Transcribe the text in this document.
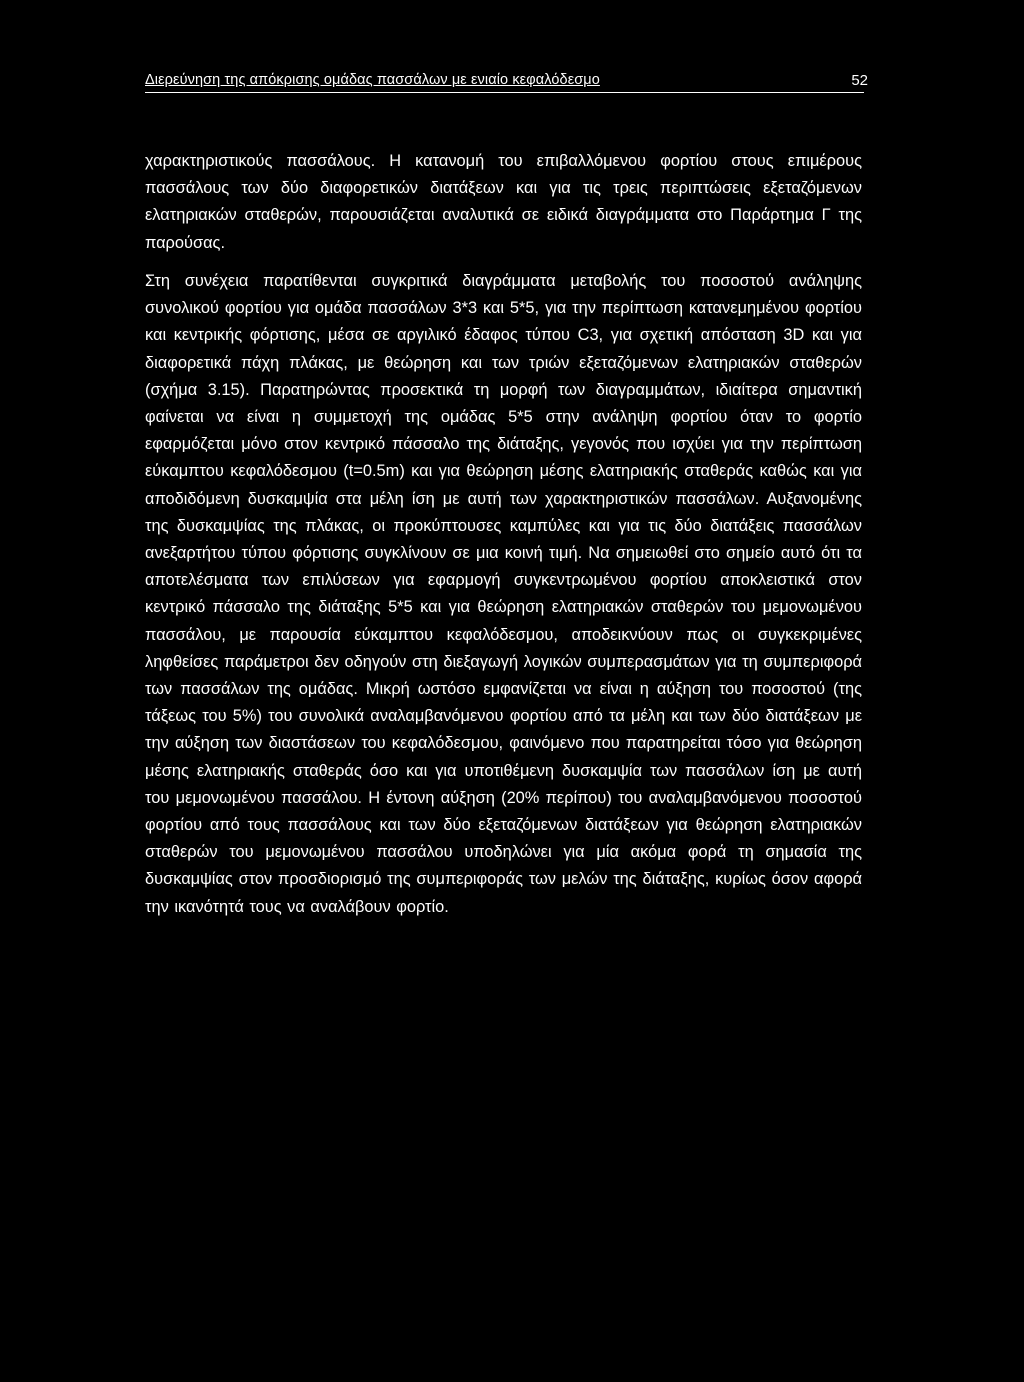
Διερεύνηση της απόκρισης ομάδας πασσάλων με ενιαίο κεφαλόδεσμο	52

χαρακτηριστικούς πασσάλους. Η κατανομή του επιβαλλόμενου φορτίου στους επιμέρους πασσάλους των δύο διαφορετικών διατάξεων και για τις τρεις περιπτώσεις εξεταζόμενων ελατηριακών σταθερών, παρουσιάζεται αναλυτικά σε ειδικά διαγράμματα στο Παράρτημα Γ της παρούσας.

Στη συνέχεια παρατίθενται συγκριτικά διαγράμματα μεταβολής του ποσοστού ανάληψης συνολικού φορτίου για ομάδα πασσάλων 3*3 και 5*5, για την περίπτωση κατανεμημένου φορτίου και κεντρικής φόρτισης, μέσα σε αργιλικό έδαφος τύπου C3, για σχετική απόσταση 3D και για διαφορετικά πάχη πλάκας, με θεώρηση και των τριών εξεταζόμενων ελατηριακών σταθερών (σχήμα 3.15). Παρατηρώντας προσεκτικά τη μορφή των διαγραμμάτων, ιδιαίτερα σημαντική φαίνεται να είναι η συμμετοχή της ομάδας 5*5 στην ανάληψη φορτίου όταν το φορτίο εφαρμόζεται μόνο στον κεντρικό πάσσαλο της διάταξης, γεγονός που ισχύει για την περίπτωση εύκαμπτου κεφαλόδεσμου (t=0.5m) και για θεώρηση μέσης ελατηριακής σταθεράς καθώς και για αποδιδόμενη δυσκαμψία στα μέλη ίση με αυτή των χαρακτηριστικών πασσάλων. Αυξανομένης της δυσκαμψίας της πλάκας, οι προκύπτουσες καμπύλες και για τις δύο διατάξεις πασσάλων ανεξαρτήτου τύπου φόρτισης συγκλίνουν σε μια κοινή τιμή. Να σημειωθεί στο σημείο αυτό ότι τα αποτελέσματα των επιλύσεων για εφαρμογή συγκεντρωμένου φορτίου αποκλειστικά στον κεντρικό πάσσαλο της διάταξης 5*5 και για θεώρηση ελατηριακών σταθερών του μεμονωμένου πασσάλου, με παρουσία εύκαμπτου κεφαλόδεσμου, αποδεικνύουν πως οι συγκεκριμένες ληφθείσες παράμετροι δεν οδηγούν στη διεξαγωγή λογικών συμπερασμάτων για τη συμπεριφορά των πασσάλων της ομάδας. Μικρή ωστόσο εμφανίζεται να είναι η αύξηση του ποσοστού (της τάξεως του 5%) του συνολικά αναλαμβανόμενου φορτίου από τα μέλη και των δύο διατάξεων με την αύξηση των διαστάσεων του κεφαλόδεσμου, φαινόμενο που παρατηρείται τόσο για θεώρηση μέσης ελατηριακής σταθεράς όσο και για υποτιθέμενη δυσκαμψία των πασσάλων ίση με αυτή του μεμονωμένου πασσάλου. Η έντονη αύξηση (20% περίπου) του αναλαμβανόμενου ποσοστού φορτίου από τους πασσάλους και των δύο εξεταζόμενων διατάξεων για θεώρηση ελατηριακών σταθερών του μεμονωμένου πασσάλου υποδηλώνει για μία ακόμα φορά τη σημασία της δυσκαμψίας στον προσδιορισμό της συμπεριφοράς των μελών της διάταξης, κυρίως όσον αφορά την ικανότητά τους να αναλάβουν φορτίο.
